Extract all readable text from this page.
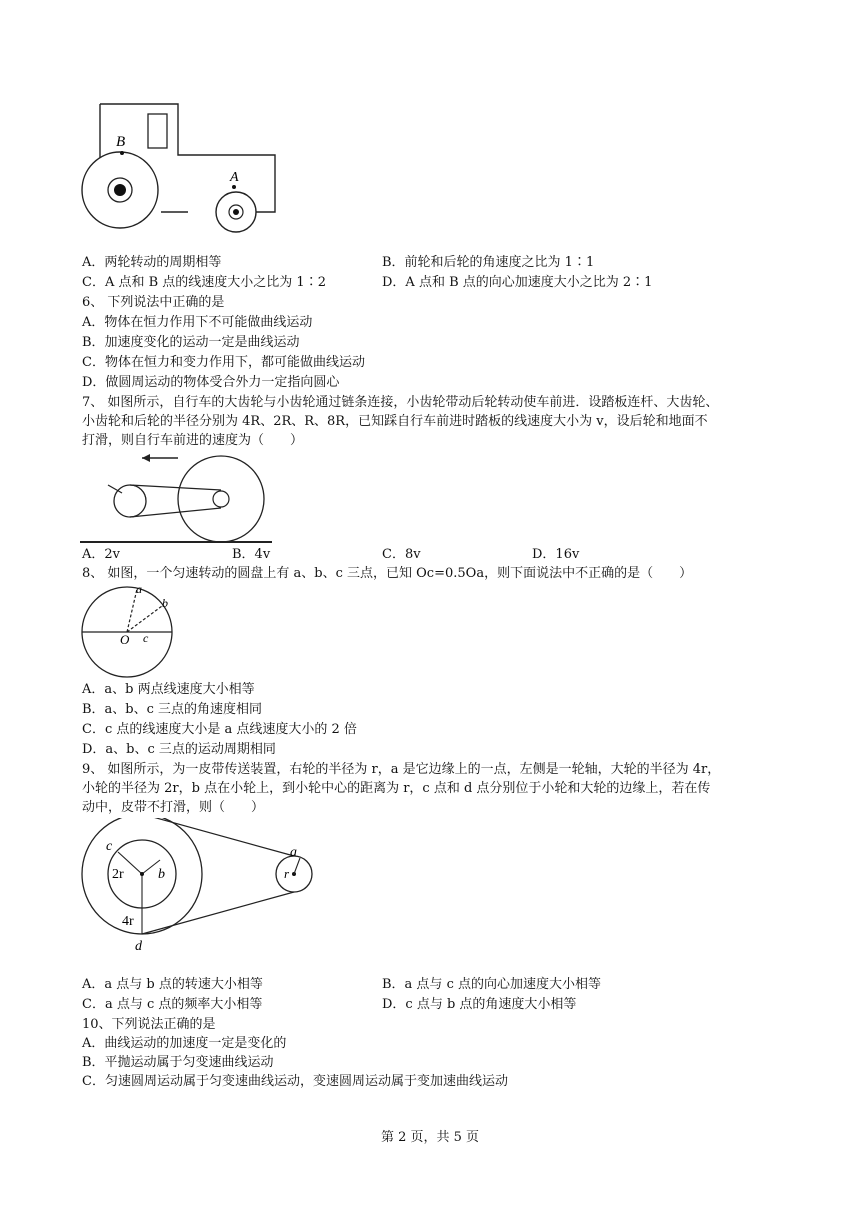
B
A
A．两轮转动的周期相等	B．前轮和后轮的角速度之比为 1∶1
C．A 点和 B 点的线速度大小之比为 1∶2	D．A 点和 B 点的向心加速度大小之比为 2∶1
6、 下列说法中正确的是
A．物体在恒力作用下不可能做曲线运动
B．加速度变化的运动一定是曲线运动
C．物体在恒力和变力作用下，都可能做曲线运动
D．做圆周运动的物体受合外力一定指向圆心
7、 如图所示，自行车的大齿轮与小齿轮通过链条连接，小齿轮带动后轮转动使车前进．设踏板连杆、大齿轮、
小齿轮和后轮的半径分别为 4R、2R、R、8R，已知踩自行车前进时踏板的线速度大小为 v，设后轮和地面不
打滑，则自行车前进的速度为（　　）
A．2v	B．4v	C．8v	D．16v
8、 如图，一个匀速转动的圆盘上有 a、b、c 三点，已知 Oc=0.5Oa，则下面说法中不正确的是（　　）
a
b
O c
A．a、b 两点线速度大小相等
B．a、b、c 三点的角速度相同
C．c 点的线速度大小是 a 点线速度大小的 2 倍
D．a、b、c 三点的运动周期相同
9、 如图所示，为一皮带传送装置，右轮的半径为 r，a 是它边缘上的一点，左侧是一轮轴，大轮的半径为 4r，
小轮的半径为 2r，b 点在小轮上，到小轮中心的距离为 r，c 点和 d 点分别位于小轮和大轮的边缘上，若在传
动中，皮带不打滑，则（　　）
c
2r b
4r
d
a
r
A．a 点与 b 点的转速大小相等	B．a 点与 c 点的向心加速度大小相等
C．a 点与 c 点的频率大小相等	D．c 点与 b 点的角速度大小相等
10、下列说法正确的是
A．曲线运动的加速度一定是变化的
B．平抛运动属于匀变速曲线运动
C．匀速圆周运动属于匀变速曲线运动，变速圆周运动属于变加速曲线运动
第 2 页，共 5 页
